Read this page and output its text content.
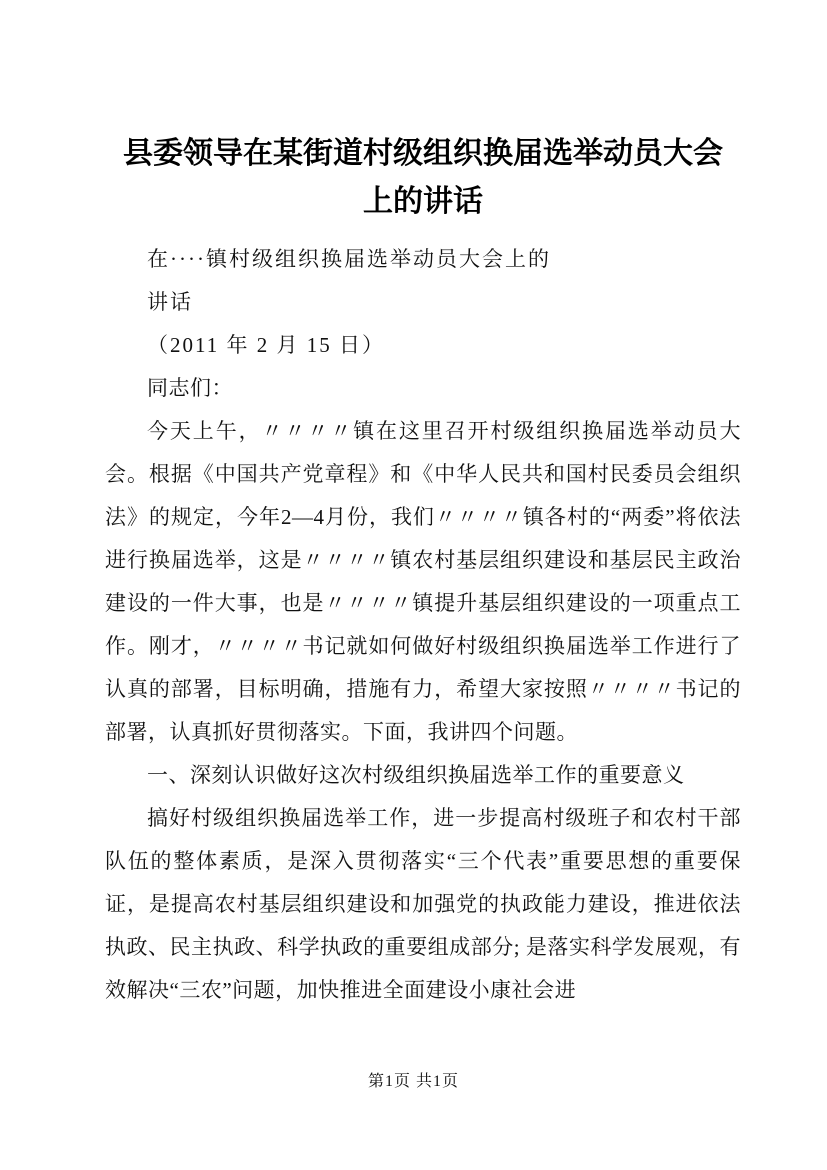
县委领导在某街道村级组织换届选举动员大会
上的讲话
在····镇村级组织换届选举动员大会上的
讲话
（2011 年 2 月 15 日）
同志们：

今天上午，〃〃〃〃镇在这里召开村级组织换届选举动员大会。根据《中国共产党章程》和《中华人民共和国村民委员会组织法》的规定，今年2—4月份，我们〃〃〃〃镇各村的“两委”将依法进行换届选举，这是〃〃〃〃镇农村基层组织建设和基层民主政治建设的一件大事，也是〃〃〃〃镇提升基层组织建设的一项重点工作。刚才，〃〃〃〃书记就如何做好村级组织换届选举工作进行了认真的部署，目标明确，措施有力，希望大家按照〃〃〃〃书记的部署，认真抓好贯彻落实。下面，我讲四个问题。

一、深刻认识做好这次村级组织换届选举工作的重要意义

搞好村级组织换届选举工作，进一步提高村级班子和农村干部队伍的整体素质，是深入贯彻落实“三个代表”重要思想的重要保证，是提高农村基层组织建设和加强党的执政能力建设，推进依法执政、民主执政、科学执政的重要组成部分; 是落实科学发展观，有效解决“三农”问题，加快推进全面建设小康社会进

第1页 共1页
